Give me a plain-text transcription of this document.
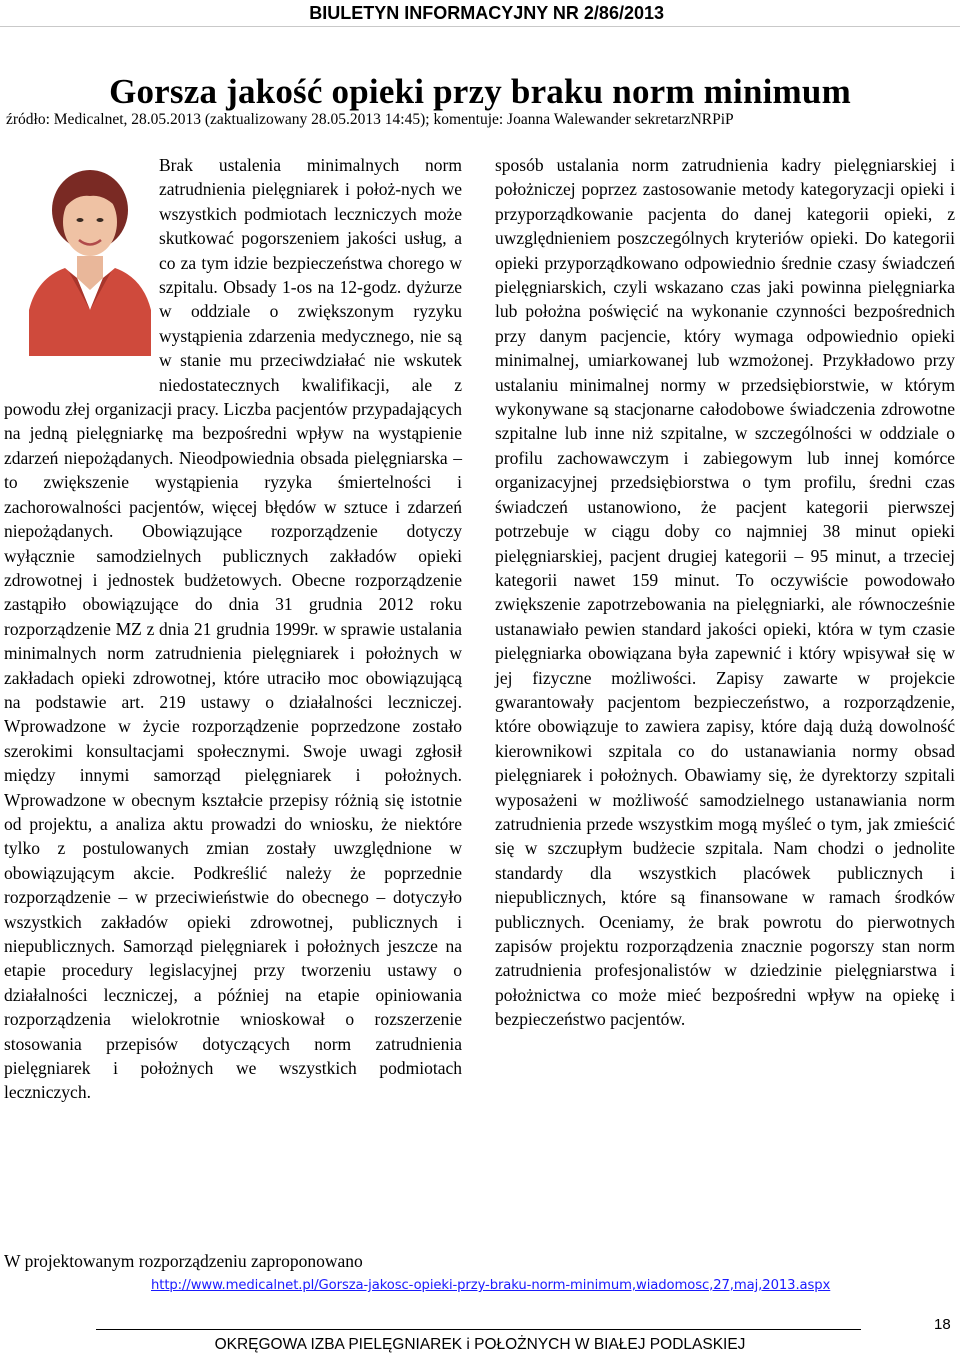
BIULETYN INFORMACYJNY NR 2/86/2013
Gorsza jakość opieki przy braku norm minimum
źródło: Medicalnet, 28.05.2013 (zaktualizowany 28.05.2013 14:45); komentuje: Joanna Walewander sekretarzNRPiP

Brak ustalenia minimalnych norm zatrudnienia pielęgniarek i położ-nych we wszystkich podmiotach leczniczych może skutkować pogorszeniem jakości usług, a co za tym idzie bezpieczeństwa chorego w szpitalu. Obsady 1-os na 12-godz. dyżurze w oddziale o zwiększonym ryzyku wystąpienia zdarzenia medycznego, nie są w stanie mu przeciwdziałać nie wskutek niedostatecznych kwalifikacji, ale z powodu złej organizacji pracy. Liczba pacjentów przypadających na jedną pielęgniarkę ma bezpośredni wpływ na wystąpienie zdarzeń niepożądanych. Nieodpowiednia obsada pielęgniarska – to zwiększenie wystąpienia ryzyka śmiertelności i zachorowalności pacjentów, więcej błędów w sztuce i zdarzeń niepożądanych. Obowiązujące rozporządzenie dotyczy wyłącznie samodzielnych publicznych zakładów opieki zdrowotnej i jednostek budżetowych. Obecne rozporządzenie zastąpiło obowiązujące do dnia 31 grudnia 2012 roku rozporządzenie MZ z dnia 21 grudnia 1999r. w sprawie ustalania minimalnych norm zatrudnienia pielęgniarek i położnych w zakładach opieki zdrowotnej, które utraciło moc obowiązującą na podstawie art. 219 ustawy o działalności leczniczej. Wprowadzone w życie rozporządzenie poprzedzone zostało szerokimi konsultacjami społecznymi. Swoje uwagi zgłosił między innymi samorząd pielęgniarek i położnych. Wprowadzone w obecnym kształcie przepisy różnią się istotnie od projektu, a analiza aktu prowadzi do wniosku, że niektóre tylko z postulowanych zmian zostały uwzględnione w obowiązującym akcie. Podkreślić należy że poprzednie rozporządzenie – w przeciwieństwie do obecnego – dotyczyło wszystkich zakładów opieki zdrowotnej, publicznych i niepublicznych. Samorząd pielęgniarek i położnych jeszcze na etapie procedury legislacyjnej przy tworzeniu ustawy o działalności leczniczej, a później na etapie opiniowania rozporządzenia wielokrotnie wnioskował o rozszerzenie stosowania przepisów dotyczących norm zatrudnienia pielęgniarek i położnych we wszystkich podmiotach leczniczych.

W projektowanym rozporządzeniu zaproponowano

sposób ustalania norm zatrudnienia kadry pielęgniarskiej i położniczej poprzez zastosowanie metody kategoryzacji opieki i przyporządkowanie pacjenta do danej kategorii opieki, z uwzględnieniem poszczególnych kryteriów opieki. Do kategorii opieki przyporządkowano odpowiednio średnie czasy świadczeń pielęgniarskich, czyli wskazano czas jaki powinna pielęgniarka lub położna poświęcić na wykonanie czynności bezpośrednich przy danym pacjencie, który wymaga odpowiednio opieki minimalnej, umiarkowanej lub wzmożonej. Przykładowo przy ustalaniu minimalnej normy w przedsiębiorstwie, w którym wykonywane są stacjonarne całodobowe świadczenia zdrowotne szpitalne lub inne niż szpitalne, w szczególności w oddziale o profilu zachowawczym i zabiegowym lub innej komórce organizacyjnej przedsiębiorstwa o tym profilu, średni czas świadczeń ustanowiono, że pacjent kategorii pierwszej potrzebuje w ciągu doby co najmniej 38 minut opieki pielęgniarskiej, pacjent drugiej kategorii – 95 minut, a trzeciej kategorii nawet 159 minut. To oczywiście powodowało zwiększenie zapotrzebowania na pielęgniarki, ale równocześnie ustanawiało pewien standard jakości opieki, która w tym czasie pielęgniarka obowiązana była zapewnić i który wpisywał się w jej fizyczne możliwości. Zapisy zawarte w projekcie gwarantowały pacjentom bezpieczeństwo, a rozporządzenie, które obowiązuje to zawiera zapisy, które dają dużą dowolność kierownikowi szpitala co do ustanawiania normy obsad pielęgniarek i położnych. Obawiamy się, że dyrektorzy szpitali wyposażeni w możliwość samodzielnego ustanawiania norm zatrudnienia przede wszystkim mogą myśleć o tym, jak zmieścić się w szczupłym budżecie szpitala. Nam chodzi o jednolite standardy dla wszystkich placówek publicznych i niepublicznych, które są finansowane w ramach środków publicznych. Oceniamy, że brak powrotu do pierwotnych zapisów projektu rozporządzenia znacznie pogorszy stan norm zatrudnienia profesjonalistów w dziedzinie pielęgniarstwa i położnictwa co może mieć bezpośredni wpływ na opiekę i bezpieczeństwo pacjentów.

http://www.medicalnet.pl/Gorsza-jakosc-opieki-przy-braku-norm-minimum,wiadomosc,27,maj,2013.aspx
18
OKRĘGOWA IZBA PIELĘGNIAREK i POŁOŻNYCH W BIAŁEJ PODLASKIEJ
